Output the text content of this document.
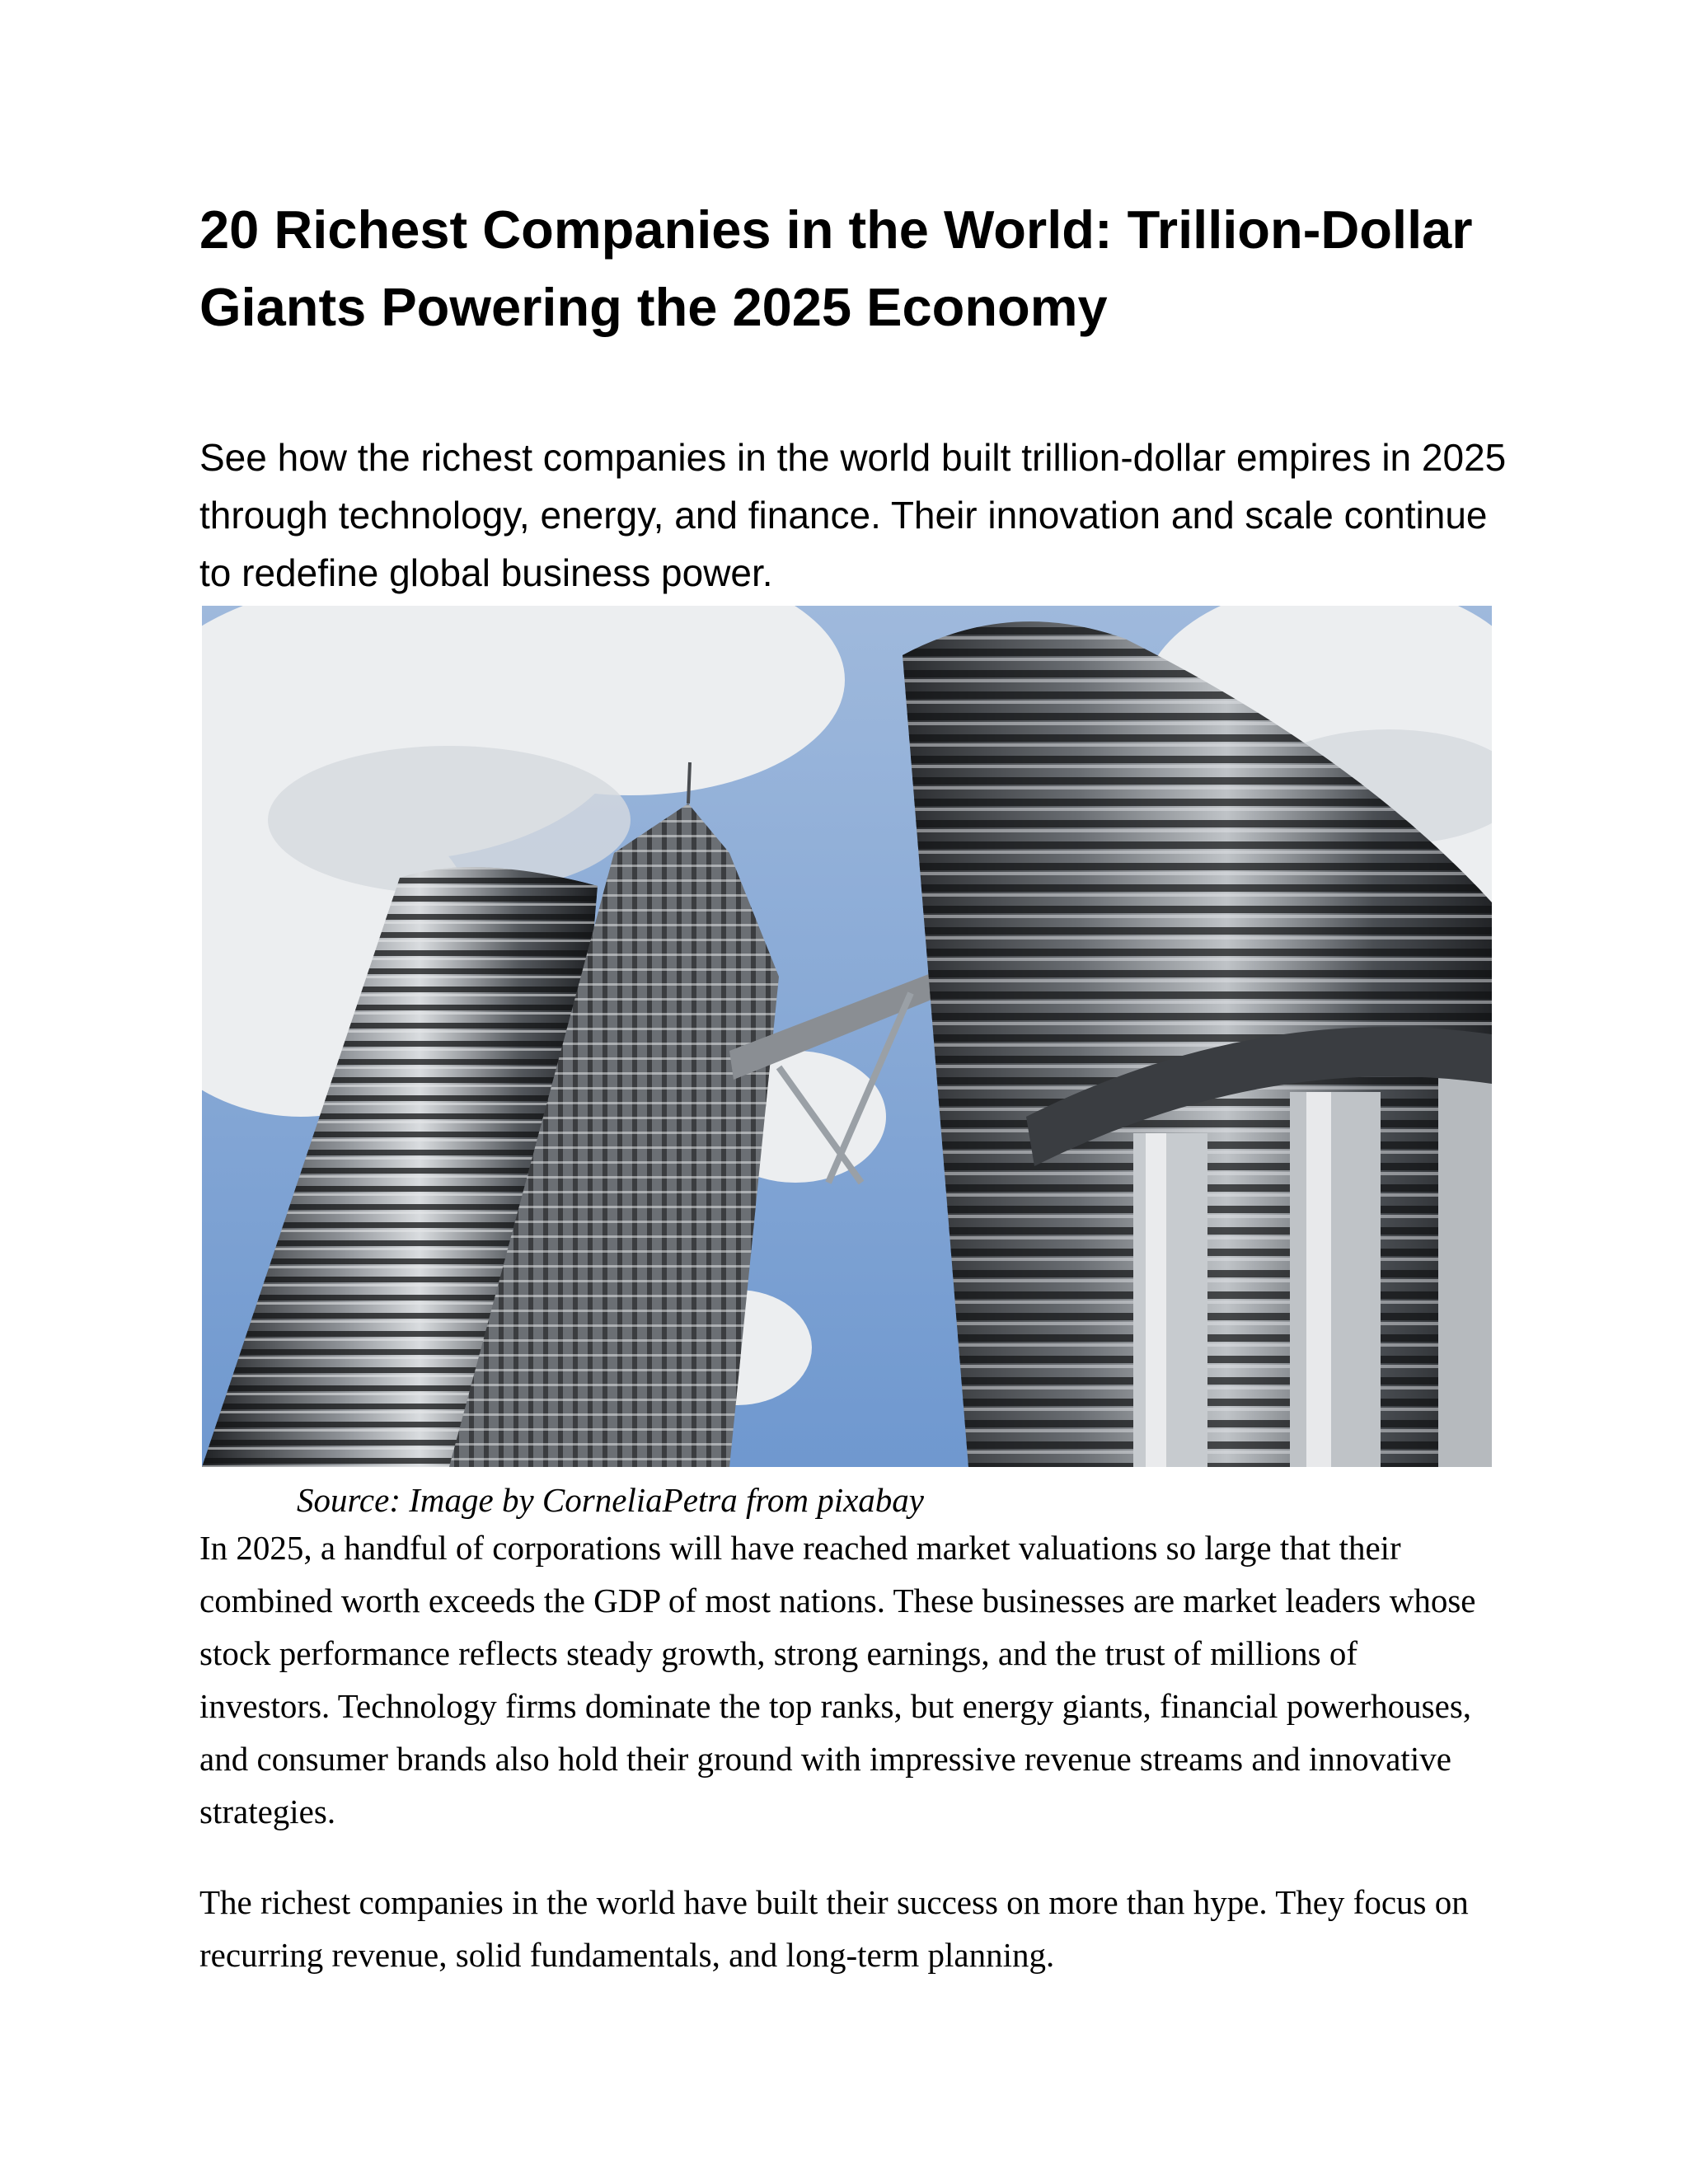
20 Richest Companies in the World: Trillion-Dollar Giants Powering the 2025 Economy

See how the richest companies in the world built trillion-dollar empires in 2025 through technology, energy, and finance. Their innovation and scale continue to redefine global business power.

Source: Image by CorneliaPetra from pixabay

In 2025, a handful of corporations will have reached market valuations so large that their combined worth exceeds the GDP of most nations. These businesses are market leaders whose stock performance reflects steady growth, strong earnings, and the trust of millions of investors. Technology firms dominate the top ranks, but energy giants, financial powerhouses, and consumer brands also hold their ground with impressive revenue streams and innovative strategies.

The richest companies in the world have built their success on more than hype. They focus on recurring revenue, solid fundamentals, and long-term planning.
